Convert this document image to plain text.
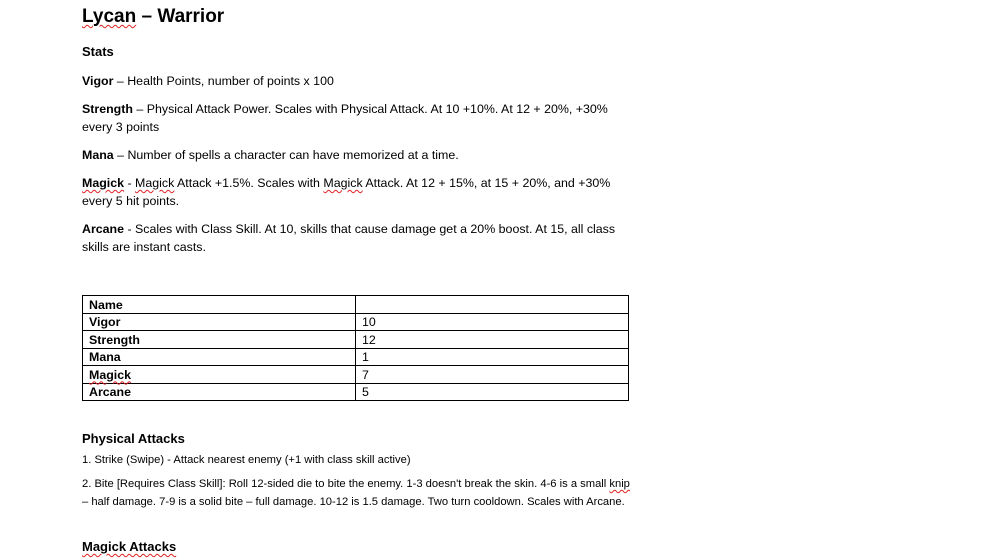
Lycan – Warrior
Stats
Vigor – Health Points, number of points x 100
Strength – Physical Attack Power. Scales with Physical Attack. At 10 +10%. At 12 + 20%, +30% every 3 points
Mana – Number of spells a character can have memorized at a time.
Magick - Magick Attack +1.5%. Scales with Magick Attack. At 12 + 15%, at 15 + 20%, and +30% every 5 hit points.
Arcane - Scales with Class Skill. At 10, skills that cause damage get a 20% boost. At 15, all class skills are instant casts.
Name	
Vigor	10
Strength	12
Mana	1
Magick	7
Arcane	5
Physical Attacks
1. Strike (Swipe) - Attack nearest enemy (+1 with class skill active)
2. Bite [Requires Class Skill]: Roll 12-sided die to bite the enemy. 1-3 doesn't break the skin. 4-6 is a small knip – half damage. 7-9 is a solid bite – full damage. 10-12 is 1.5 damage. Two turn cooldown. Scales with Arcane.
Magick Attacks
